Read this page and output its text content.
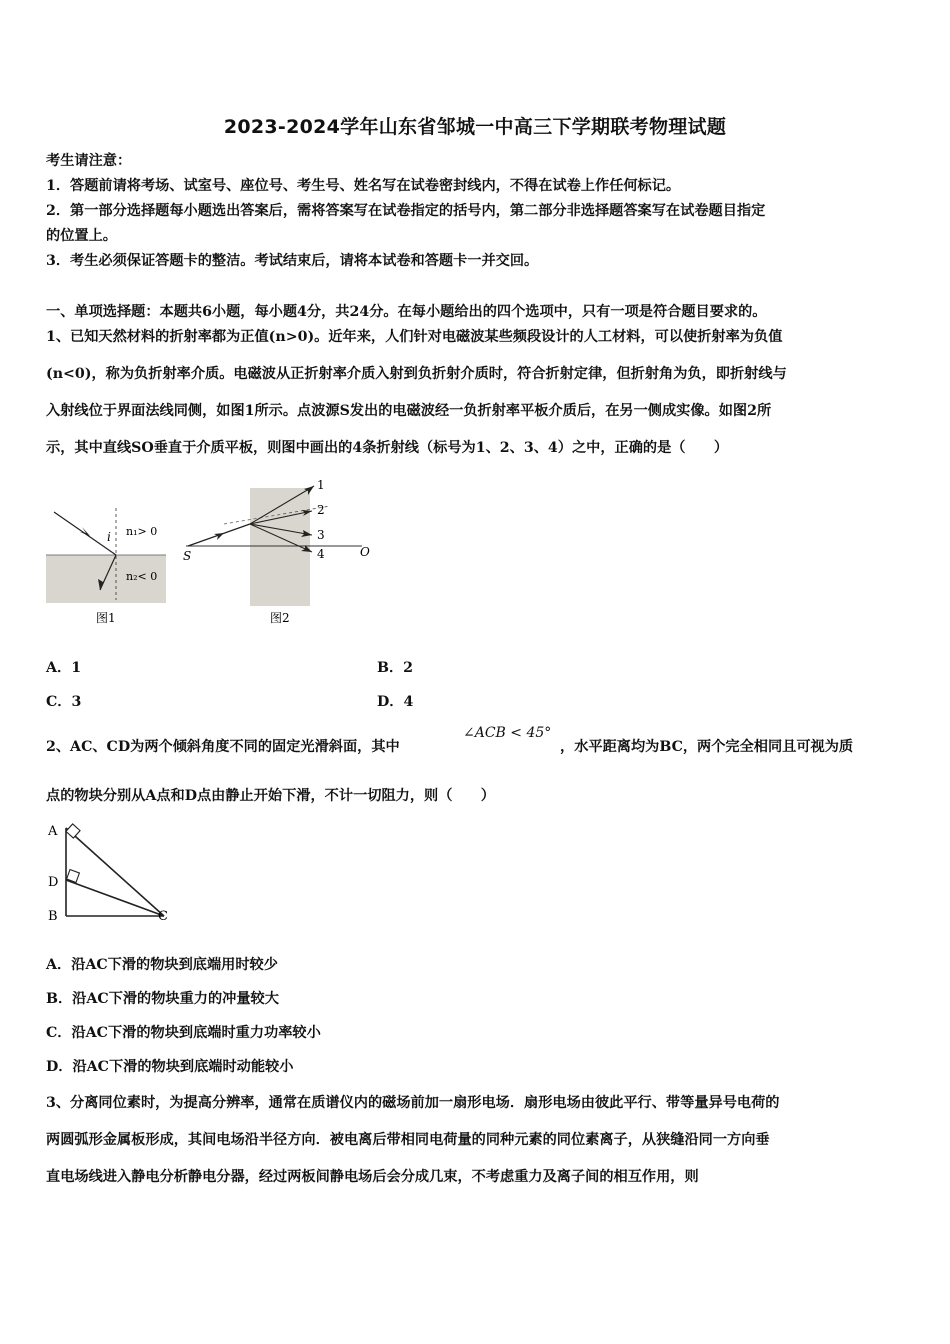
2023-2024学年山东省邹城一中高三下学期联考物理试题
考生请注意：
1．答题前请将考场、试室号、座位号、考生号、姓名写在试卷密封线内，不得在试卷上作任何标记。
2．第一部分选择题每小题选出答案后，需将答案写在试卷指定的括号内，第二部分非选择题答案写在试卷题目指定
的位置上。
3．考生必须保证答题卡的整洁。考试结束后，请将本试卷和答题卡一并交回。
一、单项选择题：本题共6小题，每小题4分，共24分。在每小题给出的四个选项中，只有一项是符合题目要求的。
1、已知天然材料的折射率都为正值(n>0)。近年来，人们针对电磁波某些频段设计的人工材料，可以使折射率为负值
(n<0)，称为负折射率介质。电磁波从正折射率介质入射到负折射介质时，符合折射定律，但折射角为负，即折射线与
入射线位于界面法线同侧，如图1所示。点波源S发出的电磁波经一负折射率平板介质后，在另一侧成实像。如图2所
示，其中直线SO垂直于介质平板，则图中画出的4条折射线（标号为1、2、3、4）之中，正确的是（　　）
i n₁> 0
n₂< 0
图1
1
2
3
4
S	O
图2
A．1	B．2
C．3	D．4
2、AC、CD为两个倾斜角度不同的固定光滑斜面，其中
∠ACB < 45°
，水平距离均为BC，两个完全相同且可视为质
点的物块分别从A点和D点由静止开始下滑，不计一切阻力，则（　　）
A
D
B	C
A．沿AC下滑的物块到底端用时较少
B．沿AC下滑的物块重力的冲量较大
C．沿AC下滑的物块到底端时重力功率较小
D．沿AC下滑的物块到底端时动能较小
3、分离同位素时，为提高分辨率，通常在质谱仪内的磁场前加一扇形电场．扇形电场由彼此平行、带等量异号电荷的
两圆弧形金属板形成，其间电场沿半径方向．被电离后带相同电荷量的同种元素的同位素离子，从狭缝沿同一方向垂
直电场线进入静电分析静电分器，经过两板间静电场后会分成几束，不考虑重力及离子间的相互作用，则
